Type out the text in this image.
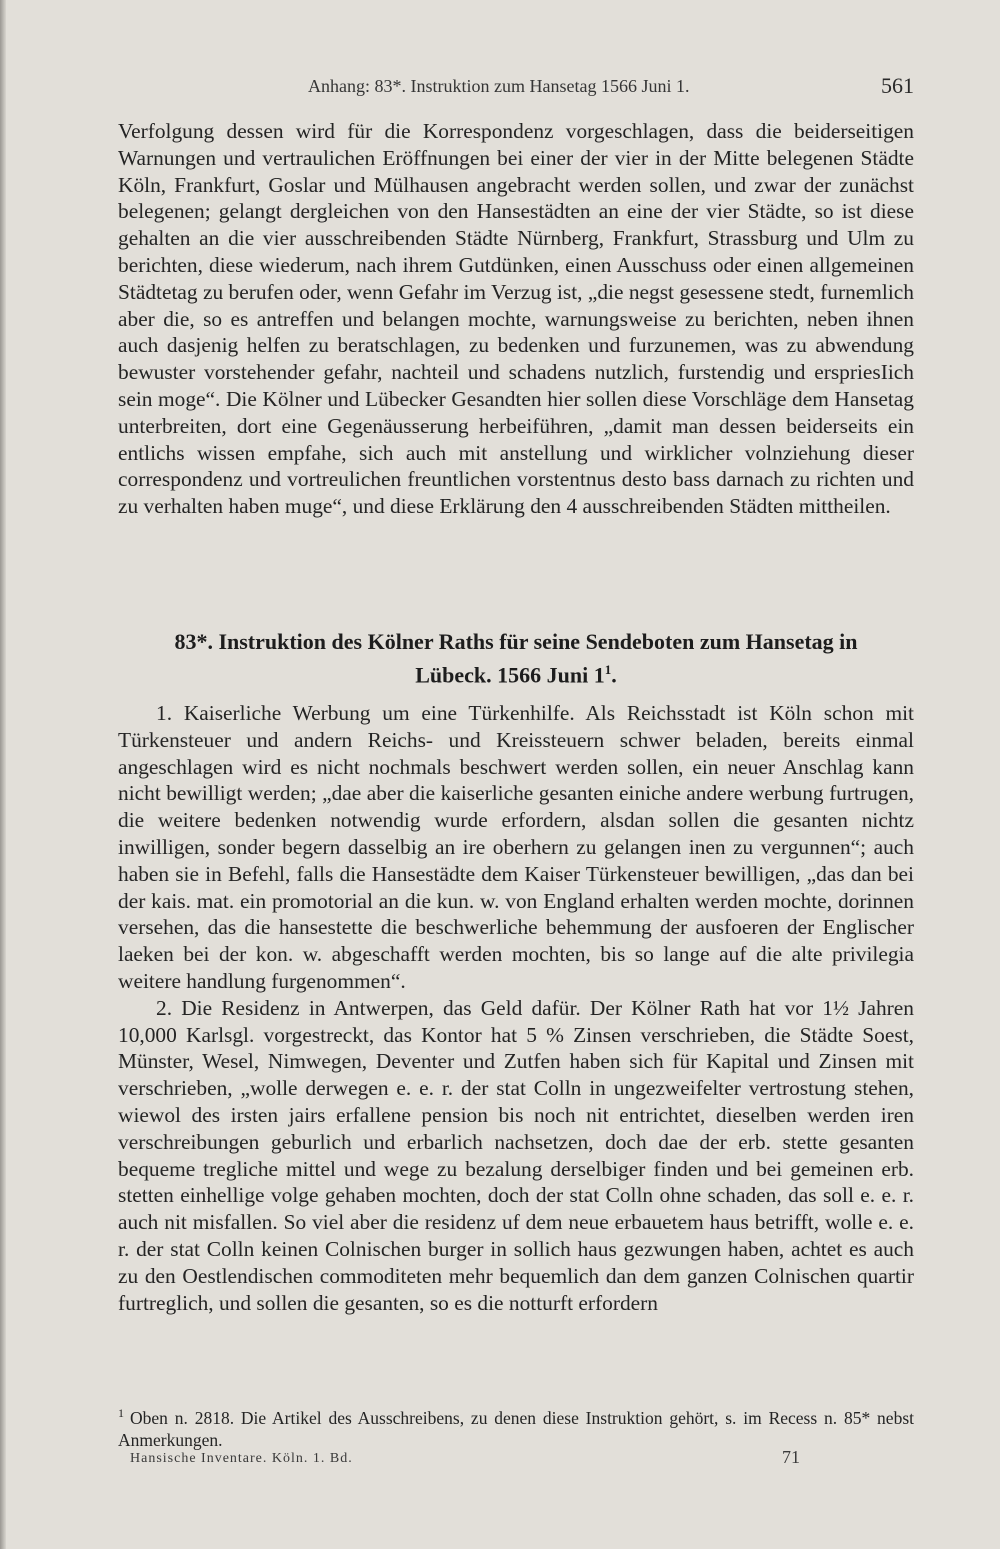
Anhang: 83*. Instruktion zum Hansetag 1566 Juni 1.	561

Verfolgung dessen wird für die Korrespondenz vorgeschlagen, dass die beiderseitigen Warnungen und vertraulichen Eröffnungen bei einer der vier in der Mitte belegenen Städte Köln, Frankfurt, Goslar und Mülhausen angebracht werden sollen, und zwar der zunächst belegenen; gelangt dergleichen von den Hansestädten an eine der vier Städte, so ist diese gehalten an die vier ausschreibenden Städte Nürnberg, Frankfurt, Strassburg und Ulm zu berichten, diese wiederum, nach ihrem Gutdünken, einen Ausschuss oder einen allgemeinen Städtetag zu berufen oder, wenn Gefahr im Verzug ist, „die negst gesessene stedt, furnemlich aber die, so es antreffen und belangen mochte, warnungsweise zu berichten, neben ihnen auch dasjenig helfen zu beratschlagen, zu bedenken und furzunemen, was zu abwendung bewuster vorstehender gefahr, nachteil und schadens nutzlich, furstendig und erspriesIich sein moge“. Die Kölner und Lübecker Gesandten hier sollen diese Vorschläge dem Hansetag unterbreiten, dort eine Gegenäusserung herbeiführen, „damit man dessen beiderseits ein entlichs wissen empfahe, sich auch mit anstellung und wirklicher volnziehung dieser correspondenz und vortreulichen freuntlichen vorstentnus desto bass darnach zu richten und zu verhalten haben muge“, und diese Erklärung den 4 ausschreibenden Städten mittheilen.

83*. Instruktion des Kölner Raths für seine Sendeboten zum Hansetag in
Lübeck. 1566 Juni $1^1$.

1. Kaiserliche Werbung um eine Türkenhilfe. Als Reichsstadt ist Köln schon mit Türkensteuer und andern Reichs- und Kreissteuern schwer beladen, bereits einmal angeschlagen wird es nicht nochmals beschwert werden sollen, ein neuer Anschlag kann nicht bewilligt werden; „dae aber die kaiserliche gesanten einiche andere werbung furtrugen, die weitere bedenken notwendig wurde erfordern, alsdan sollen die gesanten nichtz inwilligen, sonder begern dasselbig an ire oberhern zu gelangen inen zu vergunnen“; auch haben sie in Befehl, falls die Hansestädte dem Kaiser Türkensteuer bewilligen, „das dan bei der kais. mat. ein promotorial an die kun. w. von England erhalten werden mochte, dorinnen versehen, das die hansestette die beschwerliche behemmung der ausfoeren der Englischer laeken bei der kon. w. abgeschafft werden mochten, bis so lange auf die alte privilegia weitere handlung furgenommen“.

2. Die Residenz in Antwerpen, das Geld dafür. Der Kölner Rath hat vor 1½ Jahren 10,000 Karlsgl. vorgestreckt, das Kontor hat 5 % Zinsen verschrieben, die Städte Soest, Münster, Wesel, Nimwegen, Deventer und Zutfen haben sich für Kapital und Zinsen mit verschrieben, „wolle derwegen e. e. r. der stat Colln in ungezweifelter vertrostung stehen, wiewol des irsten jairs erfallene pension bis noch nit entrichtet, dieselben werden iren verschreibungen geburlich und erbarlich nachsetzen, doch dae der erb. stette gesanten bequeme tregliche mittel und wege zu bezalung derselbiger finden und bei gemeinen erb. stetten einhellige volge gehaben mochten, doch der stat Colln ohne schaden, das soll e. e. r. auch nit misfallen. So viel aber die residenz uf dem neue erbauetem haus betrifft, wolle e. e. r. der stat Colln keinen Colnischen burger in sollich haus gezwungen haben, achtet es auch zu den Oestlendischen commoditeten mehr bequemlich dan dem ganzen Colnischen quartir furtreglich, und sollen die gesanten, so es die notturft erfordern

$^1$ Oben n. 2818. Die Artikel des Ausschreibens, zu denen diese Instruktion gehört, s. im Recess n. 85* nebst Anmerkungen.
Hansische Inventare. Köln. 1. Bd.	71
